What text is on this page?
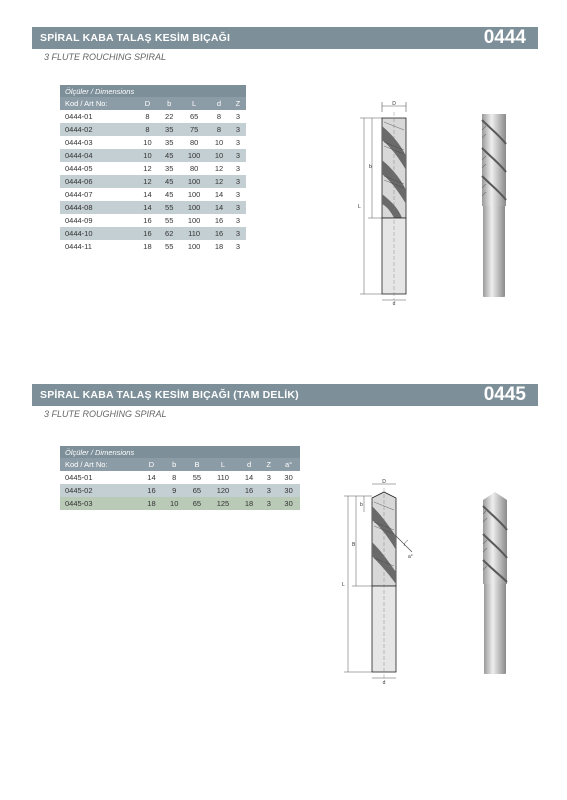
SPİRAL KABA TALAŞ KESİM BIÇAĞI	0444
3 FLUTE ROUCHING SPIRAL
Ölçüler / Dimensions					
Kod / Art No:	D	b	L	d	Z
0444-01	8	22	65	8	3
0444-02	8	35	75	8	3
0444-03	10	35	80	10	3
0444-04	10	45	100	10	3
0444-05	12	35	80	12	3
0444-06	12	45	100	12	3
0444-07	14	45	100	14	3
0444-08	14	55	100	14	3
0444-09	16	55	100	16	3
0444-10	16	62	110	16	3
0444-11	18	55	100	18	3
D
b
L
d
SPİRAL KABA TALAŞ KESİM BIÇAĞI (TAM DELİK)	0445
3 FLUTE ROUGHING SPIRAL
Ölçüler / Dimensions							
Kod / Art No:	D	b	B	L	d	Z	a°
0445-01	14	8	55	110	14	3	30
0445-02	16	9	65	120	16	3	30
0445-03	18	10	65	125	18	3	30
D
b
B
L
a°
d
